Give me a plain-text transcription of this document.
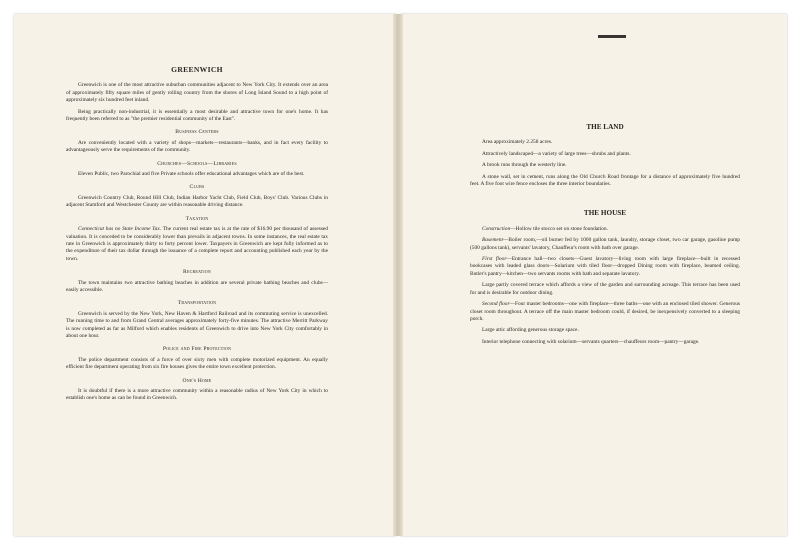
GREENWICH

Greenwich is one of the most attractive suburban communities adjacent to New York City. It extends over an area of approximately fifty square miles of gently rolling country from the shores of Long Island Sound to a high point of approximately six hundred feet inland.

Being practically non-industrial, it is essentially a most desirable and attractive town for one's home. It has frequently been referred to as "the premier residential community of the East".

Business Centers

Are conveniently located with a variety of shops—markets—restaurants—banks, and in fact every facility to advantageously serve the requirements of the community.

Churches—Schools—Libraries

Eleven Public, two Parochial and five Private schools offer educational advantages which are of the best.

Clubs

Greenwich Country Club, Round Hill Club, Indian Harbor Yacht Club, Field Club, Boys' Club. Various Clubs in adjacent Stamford and Westchester County are within reasonable driving distance.

Taxation

Connecticut has no State Income Tax. The current real estate tax is at the rate of $16.90 per thousand of assessed valuation. It is conceded to be considerably lower than prevails in adjacent towns. In some instances, the real estate tax rate in Greenwich is approximately thirty to forty percent lower. Taxpayers in Greenwich are kept fully informed as to the expenditure of their tax dollar through the issuance of a complete report and accounting published each year by the town.

Recreation

The town maintains two attractive bathing beaches in addition are several private bathing beaches and clubs—easily accessible.

Transportation

Greenwich is served by the New York, New Haven & Hartford Railroad and its commuting service is unexcelled. The running time to and from Grand Central averages approximately forty-five minutes. The attractive Merritt Parkway is now completed as far as Milford which enables residents of Greenwich to drive into New York City comfortably in about one hour.

Police and Fire Protection

The police department consists of a force of over sixty men with complete motorized equipment. An equally efficient fire department operating from six fire houses gives the entire town excellent protection.

One's Home

It is doubtful if there is a more attractive community within a reasonable radius of New York City in which to establish one's home as can be found in Greenwich.

THE LAND

Area approximately 2.258 acres.

Attractively landscaped—a variety of large trees—shrubs and plants.

A brook runs through the westerly line.

A stone wall, set in cement, runs along the Old Church Road frontage for a distance of approximately five hundred feet. A five foot wire fence encloses the three interior boundaries.

THE HOUSE

Construction—Hollow tile stucco set on stone foundation.

Basement—Boiler room,—oil burner fed by 1000 gallon tank, laundry, storage closet, two car garage, gasoline pump (500 gallons tank), servants' lavatory, Chauffeur's room with bath over garage.

First floor—Entrance hall—two closets—Guest lavatory—living room with large fireplace—built in recessed bookcases with leaded glass doors—Solarium with tiled floor—dropped Dining room with fireplace, beamed ceiling. Butler's pantry—kitchen—two servants rooms with bath and separate lavatory.

Large partly covered terrace which affords a view of the garden and surrounding acreage. This terrace has been used for and is desirable for outdoor dining.

Second floor—Four master bedrooms—one with fireplace—three baths—one with an enclosed tiled shower. Generous closet room throughout. A terrace off the main master bedroom could, if desired, be inexpensively converted to a sleeping porch.

Large attic affording generous storage space.

Interior telephone connecting with solarium—servants quarters—chauffeurs room—pantry—garage.
